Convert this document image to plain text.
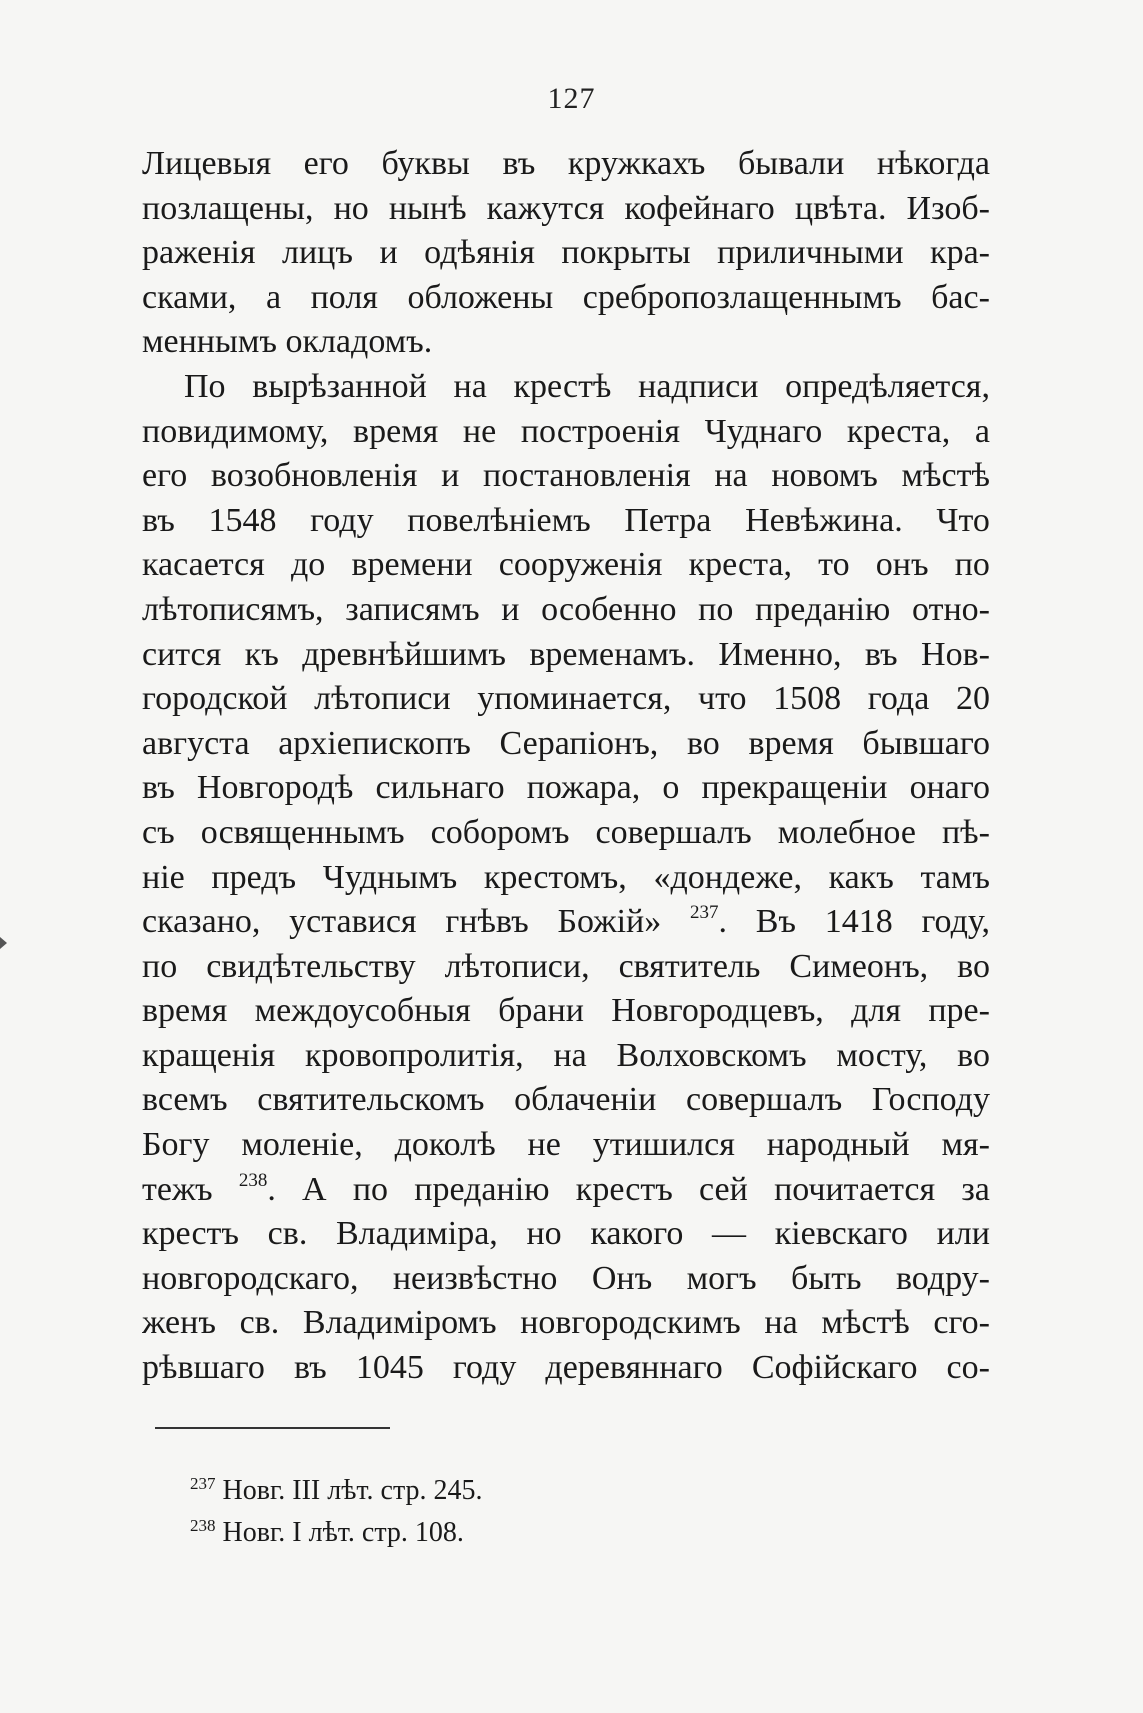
127
Лицевыя его буквы въ кружкахъ бывали нѣкогда
позлащены, но нынѣ кажутся кофейнаго цвѣта. Изоб-
раженія лицъ и одѣянія покрыты приличными кра-
сками, а поля обложены сребропозлащеннымъ бас-
меннымъ окладомъ.
По вырѣзанной на крестѣ надписи опредѣляется,
повидимому, время не построенія Чуднаго креста, а
его возобновленія и постановленія на новомъ мѣстѣ
въ 1548 году повелѣніемъ Петра Невѣжина. Что
касается до времени сооруженія креста, то онъ по
лѣтописямъ, записямъ и особенно по преданію отно-
сится къ древнѣйшимъ временамъ. Именно, въ Нов-
городской лѣтописи упоминается, что 1508 года 20
августа архіепископъ Серапіонъ, во время бывшаго
въ Новгородѣ сильнаго пожара, о прекращеніи онаго
съ освященнымъ соборомъ совершалъ молебное пѣ-
ніе предъ Чуднымъ крестомъ, «дондеже, какъ тамъ
сказано, уставися гнѣвъ Божій» $^{237}$. Въ 1418 году,
по свидѣтельству лѣтописи, святитель Симеонъ, во
время междоусобныя брани Новгородцевъ, для пре-
кращенія кровопролитія, на Волховскомъ мосту, во
всемъ святительскомъ облаченіи совершалъ Господу
Богу моленіе, доколѣ не утишился народный мя-
тежъ $^{238}$. А по преданію крестъ сей почитается за
крестъ св. Владиміра, но какого — кіевскаго или
новгородскаго, неизвѣстно Онъ могъ быть водру-
женъ св. Владиміромъ новгородскимъ на мѣстѣ сго-
рѣвшаго въ 1045 году деревяннаго Софійскаго со-
$^{237}$ Новг. III лѣт. стр. 245.
$^{238}$ Новг. I лѣт. стр. 108.
